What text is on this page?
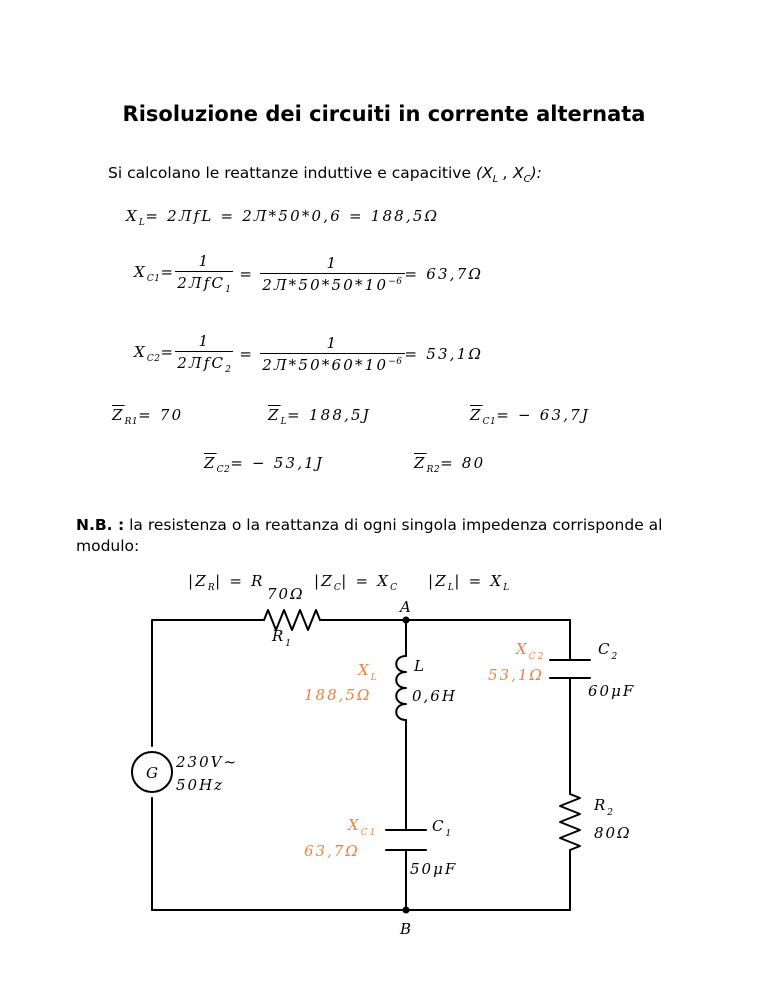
Risoluzione dei circuiti in corrente alternata
Si calcolano le reattanze induttive e capacitive ($X_L$ , $X_C$):
$X_L= 2ЛfL = 2Л*50*0,6 = 188,5\Omega$
$X_{C1}= \frac{1}{2ЛfC_1} = \frac{1}{2Л*50*50*10^{-6}} = 63,7\Omega$
$X_{C2}= \frac{1}{2ЛfC_2} = \frac{1}{2Л*50*60*10^{-6}} = 53,1\Omega$
$\overline{Z}_{R1}= 70$	$\overline{Z}_L= 188,5J$	$\overline{Z}_{C1}= - 63,7J$
$\overline{Z}_{C2}= - 53,1J$	$\overline{Z}_{R2}= 80$
N.B. : la resistenza o la reattanza di ogni singola impedenza corrisponde al modulo:
$|Z_R| = R$	$|Z_C| = X_C$ $|Z_L| = X_L$
70Ω
$R_1$
A
B
L
0,6H
$C_2$
60μF
G
230V~
50Hz
$C_1$
50μF
$R_2$
80Ω
$X_L$
188,5Ω
$X_{C2}$
53,1Ω
$X_{C1}$
63,7Ω
